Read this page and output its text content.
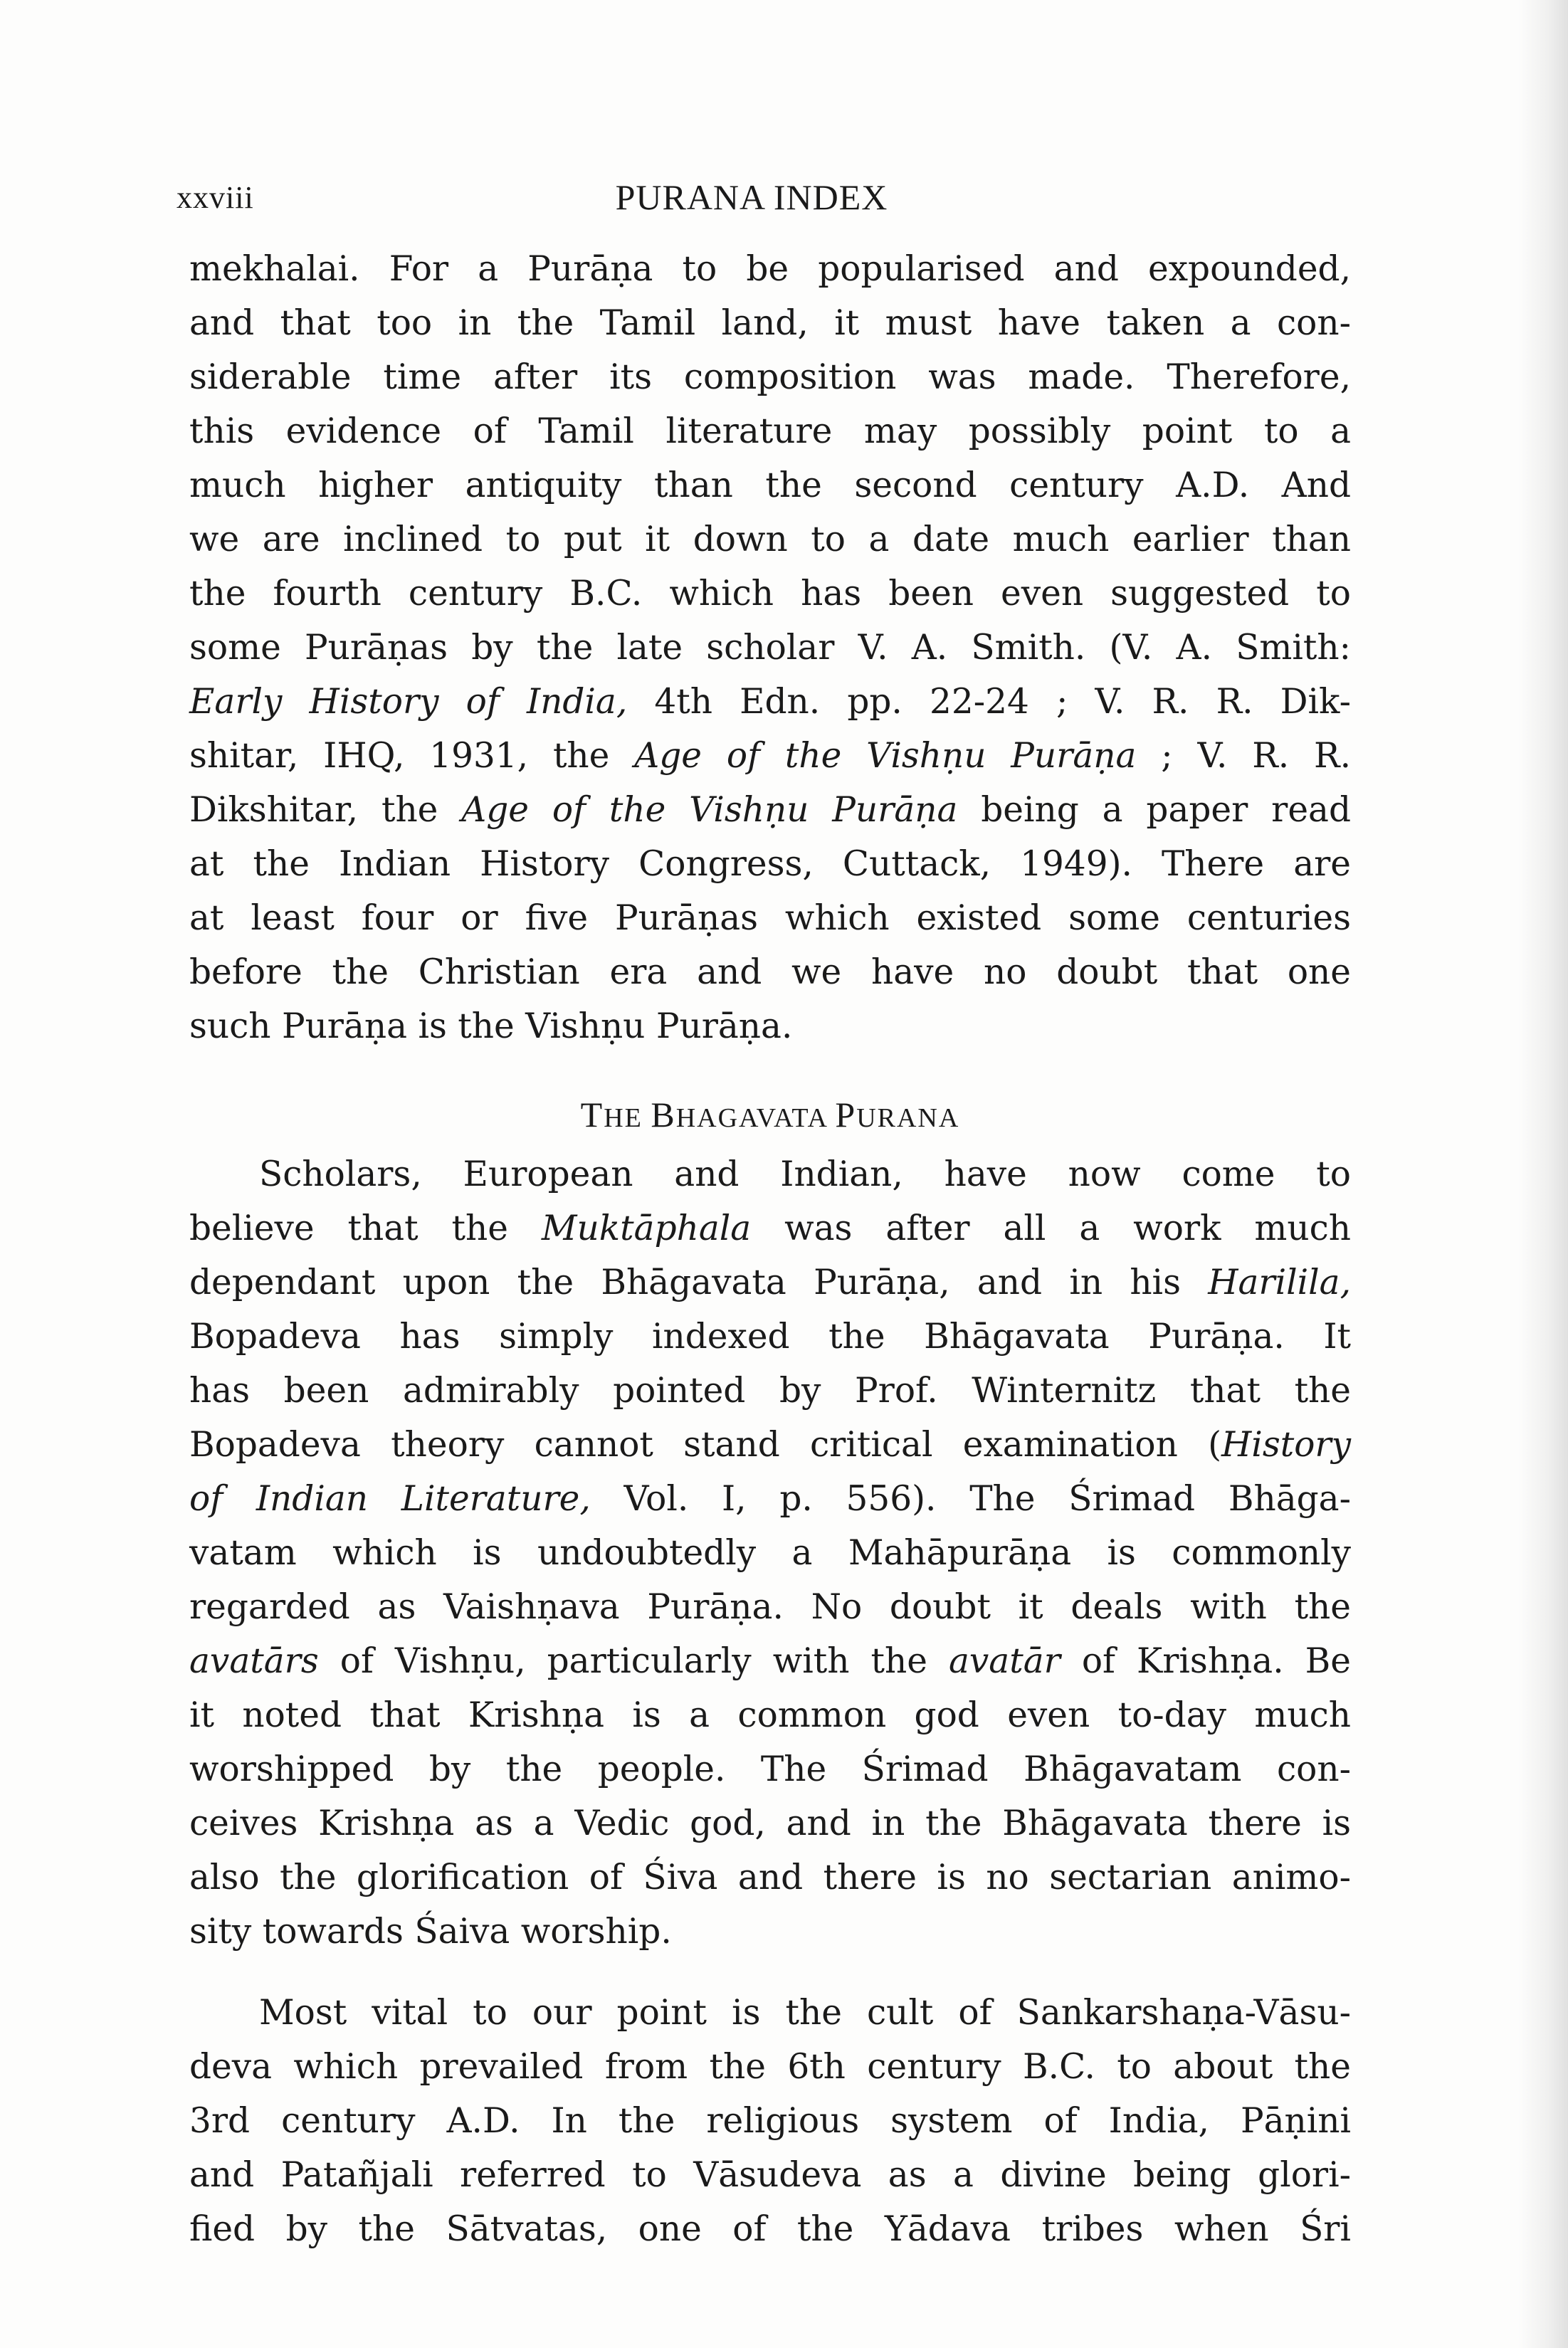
xxviii	PURANA INDEX
mekhalai. For a Purāṇa to be popularised and expounded,
and that too in the Tamil land, it must have taken a con-
siderable time after its composition was made. Therefore,
this evidence of Tamil literature may possibly point to a
much higher antiquity than the second century A.D. And
we are inclined to put it down to a date much earlier than
the fourth century B.C. which has been even suggested to
some Purāṇas by the late scholar V. A. Smith. (V. A. Smith:
Early History of India, 4th Edn. pp. 22-24 ; V. R. R. Dik-
shitar, IHQ, 1931, the Age of the Vishṇu Purāṇa ; V. R. R.
Dikshitar, the Age of the Vishṇu Purāṇa being a paper read
at the Indian History Congress, Cuttack, 1949). There are
at least four or five Purāṇas which existed some centuries
before the Christian era and we have no doubt that one
such Purāṇa is the Vishṇu Purāṇa.
THE BHAGAVATA PURANA
Scholars, European and Indian, have now come to
believe that the Muktāphala was after all a work much
dependant upon the Bhāgavata Purāṇa, and in his Harilila,
Bopadeva has simply indexed the Bhāgavata Purāṇa. It
has been admirably pointed by Prof. Winternitz that the
Bopadeva theory cannot stand critical examination (History
of Indian Literature, Vol. I, p. 556). The Śrimad Bhāga-
vatam which is undoubtedly a Mahāpurāṇa is commonly
regarded as Vaishṇava Purāṇa. No doubt it deals with the
avatārs of Vishṇu, particularly with the avatār of Krishṇa. Be
it noted that Krishṇa is a common god even to-day much
worshipped by the people. The Śrimad Bhāgavatam con-
ceives Krishṇa as a Vedic god, and in the Bhāgavata there is
also the glorification of Śiva and there is no sectarian animo-
sity towards Śaiva worship.
Most vital to our point is the cult of Sankarshaṇa-Vāsu-
deva which prevailed from the 6th century B.C. to about the
3rd century A.D. In the religious system of India, Pāṇini
and Patañjali referred to Vāsudeva as a divine being glori-
fied by the Sātvatas, one of the Yādava tribes when Śri
